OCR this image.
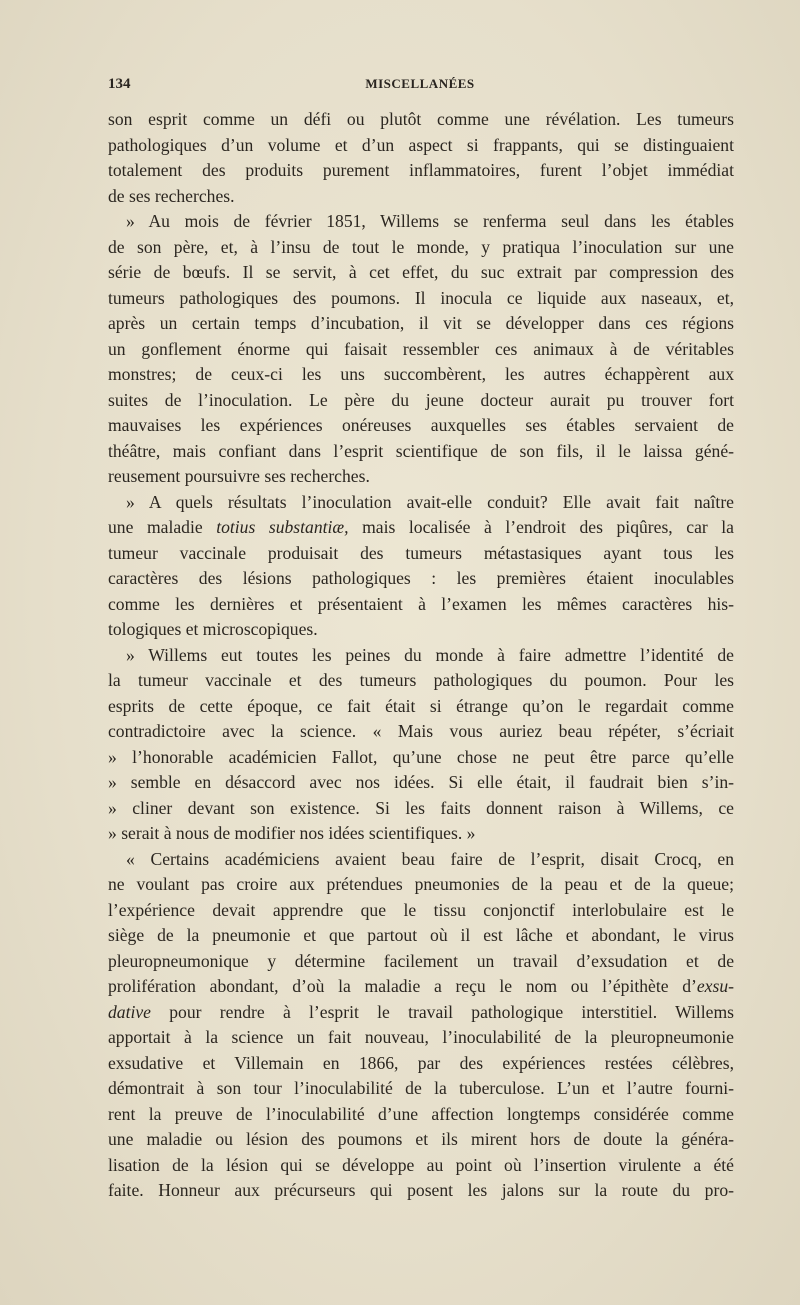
134	MISCELLANÉES
son esprit comme un défi ou plutôt comme une révélation. Les tumeurs
pathologiques d’un volume et d’un aspect si frappants, qui se distinguaient
totalement des produits purement inflammatoires, furent l’objet immédiat
de ses recherches.
» Au mois de février 1851, Willems se renferma seul dans les étables
de son père, et, à l’insu de tout le monde, y pratiqua l’inoculation sur une
série de bœufs. Il se servit, à cet effet, du suc extrait par compression des
tumeurs pathologiques des poumons. Il inocula ce liquide aux naseaux, et,
après un certain temps d’incubation, il vit se développer dans ces régions
un gonflement énorme qui faisait ressembler ces animaux à de véritables
monstres; de ceux-ci les uns succombèrent, les autres échappèrent aux
suites de l’inoculation. Le père du jeune docteur aurait pu trouver fort
mauvaises les expériences onéreuses auxquelles ses étables servaient de
théâtre, mais confiant dans l’esprit scientifique de son fils, il le laissa géné-
reusement poursuivre ses recherches.
» A quels résultats l’inoculation avait-elle conduit? Elle avait fait naître
une maladie totius substantiæ, mais localisée à l’endroit des piqûres, car la
tumeur vaccinale produisait des tumeurs métastasiques ayant tous les
caractères des lésions pathologiques : les premières étaient inoculables
comme les dernières et présentaient à l’examen les mêmes caractères his-
tologiques et microscopiques.
» Willems eut toutes les peines du monde à faire admettre l’identité de
la tumeur vaccinale et des tumeurs pathologiques du poumon. Pour les
esprits de cette époque, ce fait était si étrange qu’on le regardait comme
contradictoire avec la science. « Mais vous auriez beau répéter, s’écriait
» l’honorable académicien Fallot, qu’une chose ne peut être parce qu’elle
» semble en désaccord avec nos idées. Si elle était, il faudrait bien s’in-
» cliner devant son existence. Si les faits donnent raison à Willems, ce
» serait à nous de modifier nos idées scientifiques. »
« Certains académiciens avaient beau faire de l’esprit, disait Crocq, en
ne voulant pas croire aux prétendues pneumonies de la peau et de la queue;
l’expérience devait apprendre que le tissu conjonctif interlobulaire est le
siège de la pneumonie et que partout où il est lâche et abondant, le virus
pleuropneumonique y détermine facilement un travail d’exsudation et de
prolifération abondant, d’où la maladie a reçu le nom ou l’épithète d’exsu-
dative pour rendre à l’esprit le travail pathologique interstitiel. Willems
apportait à la science un fait nouveau, l’inoculabilité de la pleuropneumonie
exsudative et Villemain en 1866, par des expériences restées célèbres,
démontrait à son tour l’inoculabilité de la tuberculose. L’un et l’autre fourni-
rent la preuve de l’inoculabilité d’une affection longtemps considérée comme
une maladie ou lésion des poumons et ils mirent hors de doute la généra-
lisation de la lésion qui se développe au point où l’insertion virulente a été
faite. Honneur aux précurseurs qui posent les jalons sur la route du pro-
